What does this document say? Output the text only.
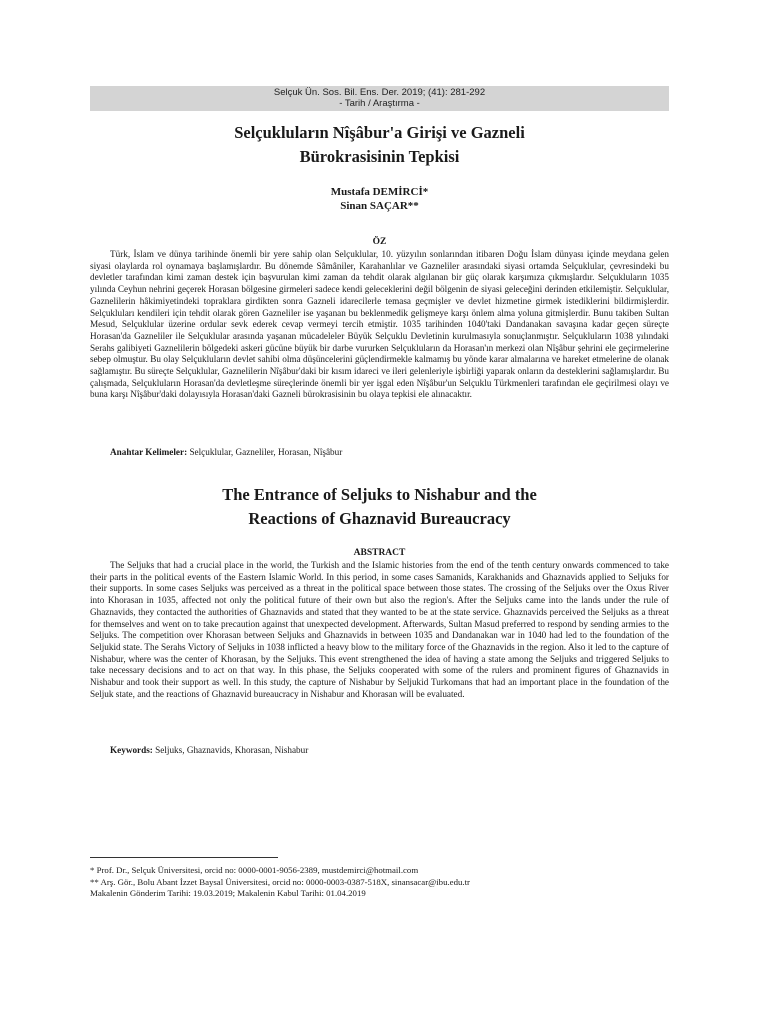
Selçuk Ün. Sos. Bil. Ens. Der. 2019; (41): 281-292
- Tarih / Araştırma -
Selçukluların Nîşâbur'a Girişi ve Gazneli
Bürokrasisinin Tepkisi
Mustafa DEMİRCİ*
Sinan SAÇAR**
ÖZ

Türk, İslam ve dünya tarihinde önemli bir yere sahip olan Selçuklular, 10. yüzyılın sonlarından itibaren Doğu İslam dünyası içinde meydana gelen siyasi olaylarda rol oynamaya başlamışlardır. Bu dönemde Sâmâniler, Karahanlılar ve Gazneliler arasındaki siyasi ortamda Selçuklular, çevresindeki bu devletler tarafından kimi zaman destek için başvurulan kimi zaman da tehdit olarak algılanan bir güç olarak karşımıza çıkmışlardır. Selçukluların 1035 yılında Ceyhun nehrini geçerek Horasan bölgesine girmeleri sadece kendi geleceklerini değil bölgenin de siyasi geleceğini derinden etkilemiştir. Selçuklular, Gaznelilerin hâkimiyetindeki topraklara girdikten sonra Gazneli idarecilerle temasa geçmişler ve devlet hizmetine girmek istediklerini bildirmişlerdir. Selçukluları kendileri için tehdit olarak gören Gazneliler ise yaşanan bu beklenmedik gelişmeye karşı önlem alma yoluna gitmişlerdir. Bunu takiben Sultan Mesud, Selçuklular üzerine ordular sevk ederek cevap vermeyi tercih etmiştir. 1035 tarihinden 1040'taki Dandanakan savaşına kadar geçen süreçte Horasan'da Gazneliler ile Selçuklular arasında yaşanan mücadeleler Büyük Selçuklu Devletinin kurulmasıyla sonuçlanmıştır. Selçukluların 1038 yılındaki Serahs galibiyeti Gaznelilerin bölgedeki askeri gücüne büyük bir darbe vururken Selçukluların da Horasan'ın merkezi olan Nîşâbur şehrini ele geçirmelerine sebep olmuştur. Bu olay Selçukluların devlet sahibi olma düşüncelerini güçlendirmekle kalmamış bu yönde karar almalarına ve hareket etmelerine de olanak sağlamıştır. Bu süreçte Selçuklular, Gaznelilerin Nîşâbur'daki bir kısım idareci ve ileri gelenleriyle işbirliği yaparak onların da desteklerini sağlamışlardır. Bu çalışmada, Selçukluların Horasan'da devletleşme süreçlerinde önemli bir yer işgal eden Nîşâbur'un Selçuklu Türkmenleri tarafından ele geçirilmesi olayı ve buna karşı Nîşâbur'daki dolayısıyla Horasan'daki Gazneli bürokrasisinin bu olaya tepkisi ele alınacaktır.

Anahtar Kelimeler: Selçuklular, Gazneliler, Horasan, Nîşâbur

The Entrance of Seljuks to Nishabur and the
Reactions of Ghaznavid Bureaucracy
ABSTRACT

The Seljuks that had a crucial place in the world, the Turkish and the Islamic histories from the end of the tenth century onwards commenced to take their parts in the political events of the Eastern Islamic World. In this period, in some cases Samanids, Karakhanids and Ghaznavids applied to Seljuks for their supports. In some cases Seljuks was perceived as a threat in the political space between those states. The crossing of the Seljuks over the Oxus River into Khorasan in 1035, affected not only the political future of their own but also the region's. After the Seljuks came into the lands under the rule of Ghaznavids, they contacted the authorities of Ghaznavids and stated that they wanted to be at the state service. Ghaznavids perceived the Seljuks as a threat for themselves and went on to take precaution against that unexpected development. Afterwards, Sultan Masud preferred to respond by sending armies to the Seljuks. The competition over Khorasan between Seljuks and Ghaznavids in between 1035 and Dandanakan war in 1040 had led to the foundation of the Seljukid state. The Serahs Victory of Seljuks in 1038 inflicted a heavy blow to the military force of the Ghaznavids in the region. Also it led to the capture of Nishabur, where was the center of Khorasan, by the Seljuks. This event strengthened the idea of having a state among the Seljuks and triggered Seljuks to take necessary decisions and to act on that way. In this phase, the Seljuks cooperated with some of the rulers and prominent figures of Ghaznavids in Nishabur and took their support as well. In this study, the capture of Nishabur by Seljukid Turkomans that had an important place in the foundation of the Seljuk state, and the reactions of Ghaznavid bureaucracy in Nishabur and Khorasan will be evaluated.

Keywords: Seljuks, Ghaznavids, Khorasan, Nishabur

* Prof. Dr., Selçuk Üniversitesi, orcid no: 0000-0001-9056-2389, mustdemirci@hotmail.com
** Arş. Gör., Bolu Abant İzzet Baysal Üniversitesi, orcid no: 0000-0003-0387-518X, sinansacar@ibu.edu.tr
Makalenin Gönderim Tarihi: 19.03.2019; Makalenin Kabul Tarihi: 01.04.2019
